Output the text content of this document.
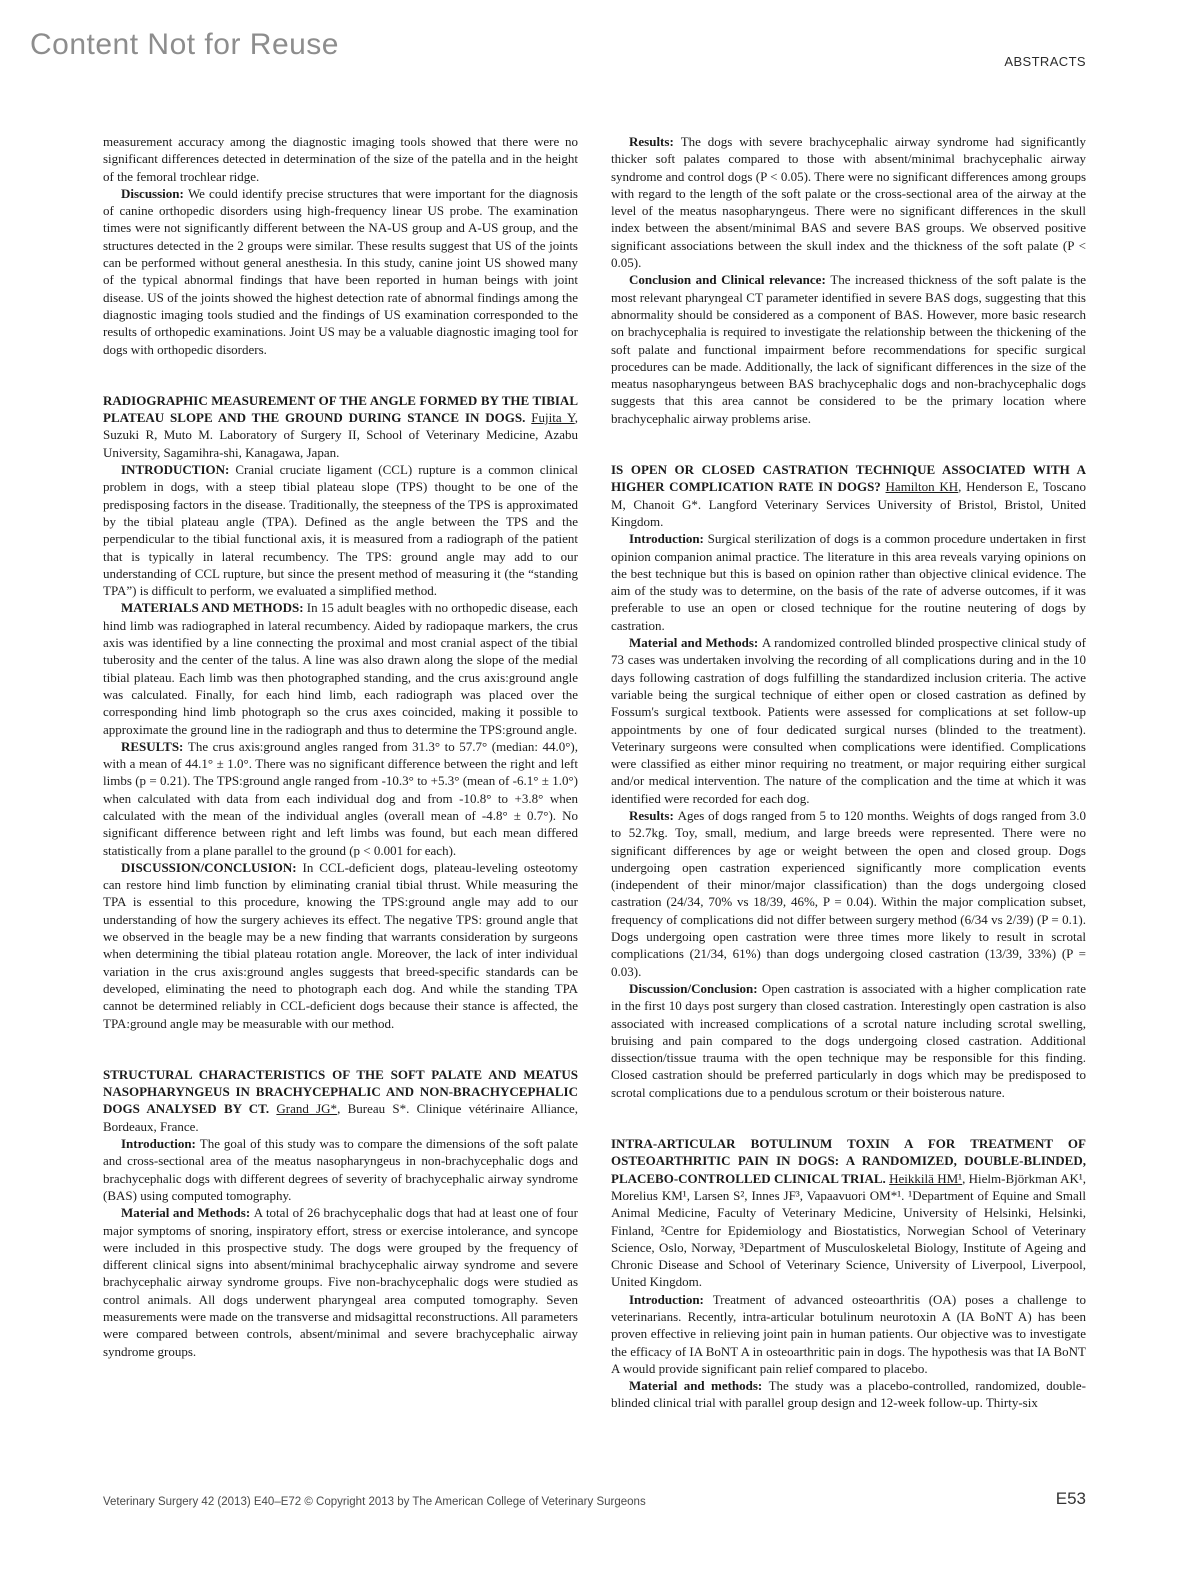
Content Not for Reuse
ABSTRACTS

measurement accuracy among the diagnostic imaging tools showed that there were no significant differences detected in determination of the size of the patella and in the height of the femoral trochlear ridge.

Discussion: We could identify precise structures that were important for the diagnosis of canine orthopedic disorders using high-frequency linear US probe. The examination times were not significantly different between the NA-US group and A-US group, and the structures detected in the 2 groups were similar. These results suggest that US of the joints can be performed without general anesthesia. In this study, canine joint US showed many of the typical abnormal findings that have been reported in human beings with joint disease. US of the joints showed the highest detection rate of abnormal findings among the diagnostic imaging tools studied and the findings of US examination corresponded to the results of orthopedic examinations. Joint US may be a valuable diagnostic imaging tool for dogs with orthopedic disorders.

RADIOGRAPHIC MEASUREMENT OF THE ANGLE FORMED BY THE TIBIAL PLATEAU SLOPE AND THE GROUND DURING STANCE IN DOGS. Fujita Y, Suzuki R, Muto M. Laboratory of Surgery II, School of Veterinary Medicine, Azabu University, Sagamihra-shi, Kanagawa, Japan.

INTRODUCTION: Cranial cruciate ligament (CCL) rupture is a common clinical problem in dogs, with a steep tibial plateau slope (TPS) thought to be one of the predisposing factors in the disease. Traditionally, the steepness of the TPS is approximated by the tibial plateau angle (TPA). Defined as the angle between the TPS and the perpendicular to the tibial functional axis, it is measured from a radiograph of the patient that is typically in lateral recumbency. The TPS: ground angle may add to our understanding of CCL rupture, but since the present method of measuring it (the “standing TPA”) is difficult to perform, we evaluated a simplified method.

MATERIALS AND METHODS: In 15 adult beagles with no orthopedic disease, each hind limb was radiographed in lateral recumbency. Aided by radiopaque markers, the crus axis was identified by a line connecting the proximal and most cranial aspect of the tibial tuberosity and the center of the talus. A line was also drawn along the slope of the medial tibial plateau. Each limb was then photographed standing, and the crus axis:ground angle was calculated. Finally, for each hind limb, each radiograph was placed over the corresponding hind limb photograph so the crus axes coincided, making it possible to approximate the ground line in the radiograph and thus to determine the TPS:ground angle.

RESULTS: The crus axis:ground angles ranged from 31.3° to 57.7° (median: 44.0°), with a mean of 44.1° ± 1.0°. There was no significant difference between the right and left limbs (p = 0.21). The TPS:ground angle ranged from -10.3° to +5.3° (mean of -6.1° ± 1.0°) when calculated with data from each individual dog and from -10.8° to +3.8° when calculated with the mean of the individual angles (overall mean of -4.8° ± 0.7°). No significant difference between right and left limbs was found, but each mean differed statistically from a plane parallel to the ground (p < 0.001 for each).

DISCUSSION/CONCLUSION: In CCL-deficient dogs, plateau-leveling osteotomy can restore hind limb function by eliminating cranial tibial thrust. While measuring the TPA is essential to this procedure, knowing the TPS:ground angle may add to our understanding of how the surgery achieves its effect. The negative TPS: ground angle that we observed in the beagle may be a new finding that warrants consideration by surgeons when determining the tibial plateau rotation angle. Moreover, the lack of inter individual variation in the crus axis:ground angles suggests that breed-specific standards can be developed, eliminating the need to photograph each dog. And while the standing TPA cannot be determined reliably in CCL-deficient dogs because their stance is affected, the TPA:ground angle may be measurable with our method.

STRUCTURAL CHARACTERISTICS OF THE SOFT PALATE AND MEATUS NASOPHARYNGEUS IN BRACHYCEPHALIC AND NON-BRACHYCEPHALIC DOGS ANALYSED BY CT. Grand JG*, Bureau S*. Clinique vétérinaire Alliance, Bordeaux, France.

Introduction: The goal of this study was to compare the dimensions of the soft palate and cross-sectional area of the meatus nasopharyngeus in non-brachycephalic dogs and brachycephalic dogs with different degrees of severity of brachycephalic airway syndrome (BAS) using computed tomography.

Material and Methods: A total of 26 brachycephalic dogs that had at least one of four major symptoms of snoring, inspiratory effort, stress or exercise intolerance, and syncope were included in this prospective study. The dogs were grouped by the frequency of different clinical signs into absent/minimal brachycephalic airway syndrome and severe brachycephalic airway syndrome groups. Five non-brachycephalic dogs were studied as control animals. All dogs underwent pharyngeal area computed tomography. Seven measurements were made on the transverse and midsagittal reconstructions. All parameters were compared between controls, absent/minimal and severe brachycephalic airway syndrome groups.

Results: The dogs with severe brachycephalic airway syndrome had significantly thicker soft palates compared to those with absent/minimal brachycephalic airway syndrome and control dogs (P < 0.05). There were no significant differences among groups with regard to the length of the soft palate or the cross-sectional area of the airway at the level of the meatus nasopharyngeus. There were no significant differences in the skull index between the absent/minimal BAS and severe BAS groups. We observed positive significant associations between the skull index and the thickness of the soft palate (P < 0.05).

Conclusion and Clinical relevance: The increased thickness of the soft palate is the most relevant pharyngeal CT parameter identified in severe BAS dogs, suggesting that this abnormality should be considered as a component of BAS. However, more basic research on brachycephalia is required to investigate the relationship between the thickening of the soft palate and functional impairment before recommendations for specific surgical procedures can be made. Additionally, the lack of significant differences in the size of the meatus nasopharyngeus between BAS brachycephalic dogs and non-brachycephalic dogs suggests that this area cannot be considered to be the primary location where brachycephalic airway problems arise.

IS OPEN OR CLOSED CASTRATION TECHNIQUE ASSOCIATED WITH A HIGHER COMPLICATION RATE IN DOGS? Hamilton KH, Henderson E, Toscano M, Chanoit G*. Langford Veterinary Services University of Bristol, Bristol, United Kingdom.

Introduction: Surgical sterilization of dogs is a common procedure undertaken in first opinion companion animal practice. The literature in this area reveals varying opinions on the best technique but this is based on opinion rather than objective clinical evidence. The aim of the study was to determine, on the basis of the rate of adverse outcomes, if it was preferable to use an open or closed technique for the routine neutering of dogs by castration.

Material and Methods: A randomized controlled blinded prospective clinical study of 73 cases was undertaken involving the recording of all complications during and in the 10 days following castration of dogs fulfilling the standardized inclusion criteria. The active variable being the surgical technique of either open or closed castration as defined by Fossum's surgical textbook. Patients were assessed for complications at set follow-up appointments by one of four dedicated surgical nurses (blinded to the treatment). Veterinary surgeons were consulted when complications were identified. Complications were classified as either minor requiring no treatment, or major requiring either surgical and/or medical intervention. The nature of the complication and the time at which it was identified were recorded for each dog.

Results: Ages of dogs ranged from 5 to 120 months. Weights of dogs ranged from 3.0 to 52.7kg. Toy, small, medium, and large breeds were represented. There were no significant differences by age or weight between the open and closed group. Dogs undergoing open castration experienced significantly more complication events (independent of their minor/major classification) than the dogs undergoing closed castration (24/34, 70% vs 18/39, 46%, P = 0.04). Within the major complication subset, frequency of complications did not differ between surgery method (6/34 vs 2/39) (P = 0.1). Dogs undergoing open castration were three times more likely to result in scrotal complications (21/34, 61%) than dogs undergoing closed castration (13/39, 33%) (P = 0.03).

Discussion/Conclusion: Open castration is associated with a higher complication rate in the first 10 days post surgery than closed castration. Interestingly open castration is also associated with increased complications of a scrotal nature including scrotal swelling, bruising and pain compared to the dogs undergoing closed castration. Additional dissection/tissue trauma with the open technique may be responsible for this finding. Closed castration should be preferred particularly in dogs which may be predisposed to scrotal complications due to a pendulous scrotum or their boisterous nature.

INTRA-ARTICULAR BOTULINUM TOXIN A FOR TREATMENT OF OSTEOARTHRITIC PAIN IN DOGS: A RANDOMIZED, DOUBLE-BLINDED, PLACEBO-CONTROLLED CLINICAL TRIAL. Heikkilä HM¹, Hielm-Björkman AK¹, Morelius KM¹, Larsen S², Innes JF³, Vapaavuori OM*¹. ¹Department of Equine and Small Animal Medicine, Faculty of Veterinary Medicine, University of Helsinki, Helsinki, Finland, ²Centre for Epidemiology and Biostatistics, Norwegian School of Veterinary Science, Oslo, Norway, ³Department of Musculoskeletal Biology, Institute of Ageing and Chronic Disease and School of Veterinary Science, University of Liverpool, Liverpool, United Kingdom.

Introduction: Treatment of advanced osteoarthritis (OA) poses a challenge to veterinarians. Recently, intra-articular botulinum neurotoxin A (IA BoNT A) has been proven effective in relieving joint pain in human patients. Our objective was to investigate the efficacy of IA BoNT A in osteoarthritic pain in dogs. The hypothesis was that IA BoNT A would provide significant pain relief compared to placebo.

Material and methods: The study was a placebo-controlled, randomized, double-blinded clinical trial with parallel group design and 12-week follow-up. Thirty-six

Veterinary Surgery 42 (2013) E40–E72 © Copyright 2013 by The American College of Veterinary Surgeons	E53
